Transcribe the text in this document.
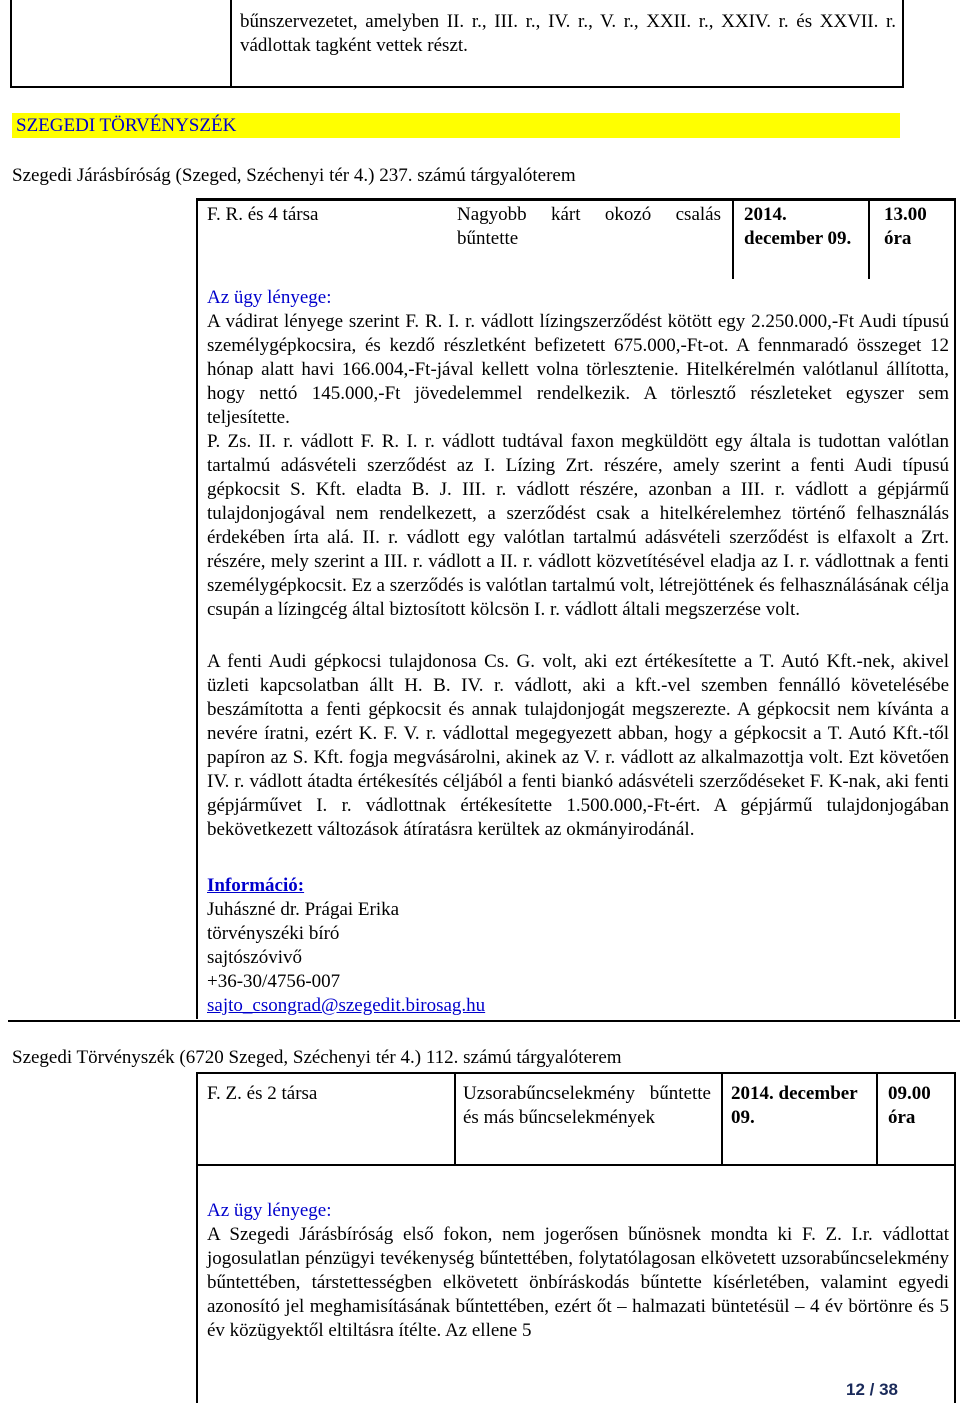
bűnszervezetet, amelyben II. r., III. r., IV. r., V. r., XXII. r., XXIV. r. és XXVII. r. vádlottak tagként vettek részt.
SZEGEDI TÖRVÉNYSZÉK
Szegedi Járásbíróság (Szeged, Széchenyi tér 4.) 237. számú tárgyalóterem
F. R. és 4 társa	Nagyobb kárt okozó csalás bűntette
2014. december 09.
13.00 óra
Az ügy lényege:
A vádirat lényege szerint F. R. I. r. vádlott lízingszerződést kötött egy 2.250.000,-Ft Audi típusú személygépkocsira, és kezdő részletként befizetett 675.000,-Ft-ot. A fennmaradó összeget 12 hónap alatt havi 166.004,-Ft-jával kellett volna törlesztenie. Hitelkérelmén valótlanul állította, hogy nettó 145.000,-Ft jövedelemmel rendelkezik. A törlesztő részleteket egyszer sem teljesítette.
P. Zs. II. r. vádlott F. R. I. r. vádlott tudtával faxon megküldött egy általa is tudottan valótlan tartalmú adásvételi szerződést az I. Lízing Zrt. részére, amely szerint a fenti Audi típusú gépkocsit S. Kft. eladta B. J. III. r. vádlott részére, azonban a III. r. vádlott a gépjármű tulajdonjogával nem rendelkezett, a szerződést csak a hitelkérelemhez történő felhasználás érdekében írta alá. II. r. vádlott egy valótlan tartalmú adásvételi szerződést is elfaxolt a Zrt. részére, mely szerint a III. r. vádlott a II. r. vádlott közvetítésével eladja az I. r. vádlottnak a fenti személygépkocsit. Ez a szerződés is valótlan tartalmú volt, létrejöttének és felhasználásának célja csupán a lízingcég által biztosított kölcsön I. r. vádlott általi megszerzése volt.
A fenti Audi gépkocsi tulajdonosa Cs. G. volt, aki ezt értékesítette a T. Autó Kft.-nek, akivel üzleti kapcsolatban állt H. B. IV. r. vádlott, aki a kft.-vel szemben fennálló követelésébe beszámította a fenti gépkocsit és annak tulajdonjogát megszerezte. A gépkocsit nem kívánta a nevére íratni, ezért K. F. V. r. vádlottal megegyezett abban, hogy a gépkocsit a T. Autó Kft.-től papíron az S. Kft. fogja megvásárolni, akinek az V. r. vádlott az alkalmazottja volt. Ezt követően IV. r. vádlott átadta értékesítés céljából a fenti biankó adásvételi szerződéseket F. K-nak, aki fenti gépjárművet I. r. vádlottnak értékesítette 1.500.000,-Ft-ért. A gépjármű tulajdonjogában bekövetkezett változások átíratásra kerültek az okmányirodánál.
Információ:
Juhászné dr. Prágai Erika
törvényszéki bíró
sajtószóvivő
+36-30/4756-007
sajto_csongrad@szegedit.birosag.hu
Szegedi Törvényszék (6720 Szeged, Széchenyi tér 4.) 112. számú tárgyalóterem
F. Z. és 2 társa	Uzsorabűncselekmény bűntette és más bűncselekmények
2014. december 09.
09.00 óra
Az ügy lényege:
A Szegedi Járásbíróság első fokon, nem jogerősen bűnösnek mondta ki F. Z. I.r. vádlottat jogosulatlan pénzügyi tevékenység bűntettében, folytatólagosan elkövetett uzsorabűncselekmény bűntettében, társtettességben elkövetett önbíráskodás bűntette kísérletében, valamint egyedi azonosító jel meghamisításának bűntettében, ezért őt – halmazati büntetésül – 4 év börtönre és 5 év közügyektől eltiltásra ítélte. Az ellene 5
12 / 38
